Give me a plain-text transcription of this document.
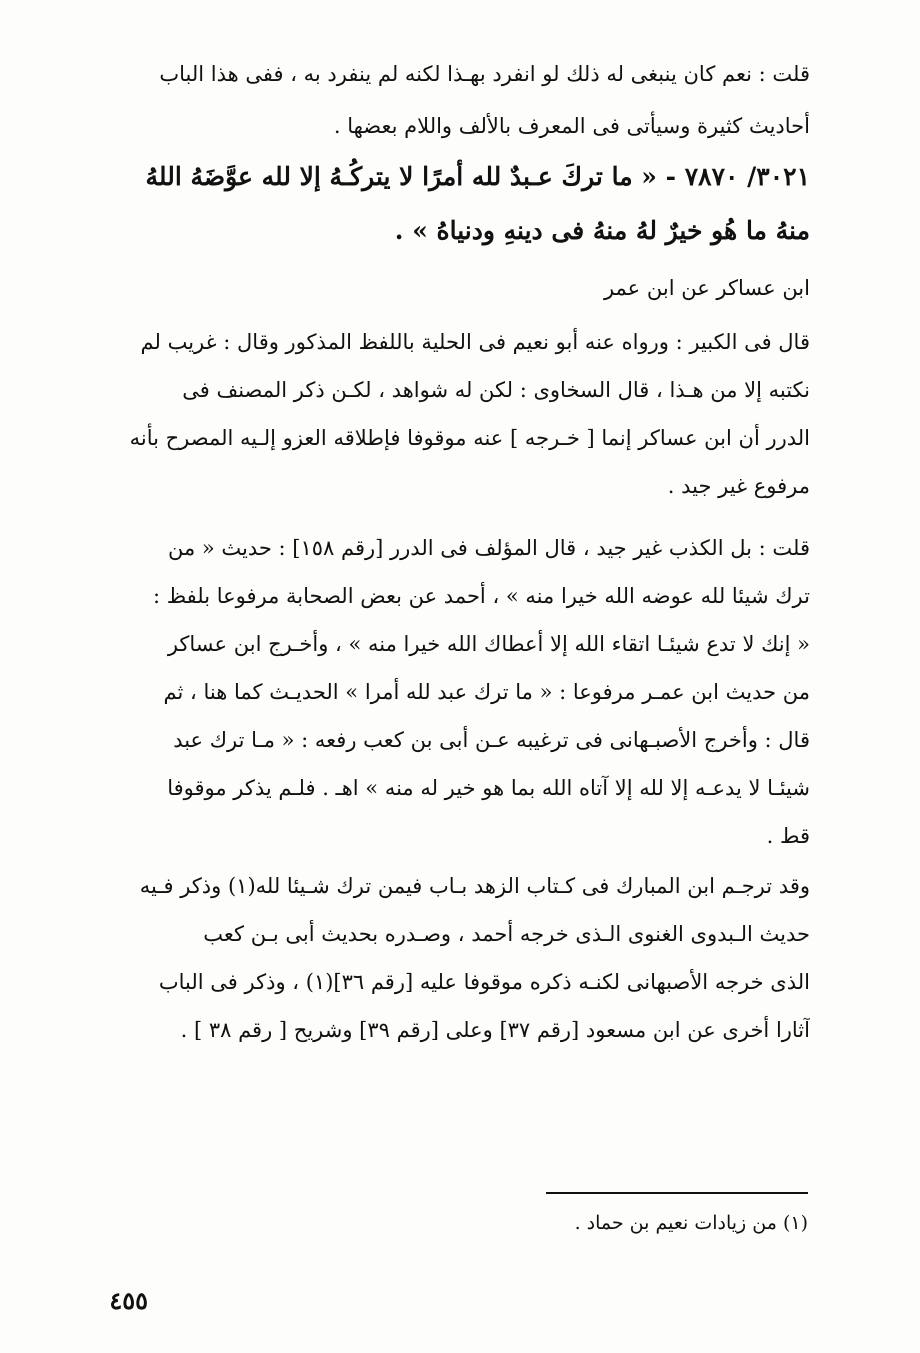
قلت : نعم كان ينبغى له ذلك لو انفرد بهـذا لكنه لم ينفرد به ، ففى هذا الباب
أحاديث كثيرة وسيأتى فى المعرف بالألف واللام بعضها .
٣٠٢١/ ٧٨٧٠ - « ما تركَ عـبدٌ لله أمرًا لا يتركُـهُ إلا لله عوَّضَهُ اللهُ
منهُ ما هُو خيرٌ لهُ منهُ فى دينهِ ودنياهُ » .
ابن عساكر عن ابن عمر
قال فى الكبير : ورواه عنه أبو نعيم فى الحلية باللفظ المذكور وقال : غريب لم
نكتبه إلا من هـذا ، قال السخاوى : لكن له شواهد ، لكـن ذكر المصنف فى
الدرر أن ابن عساكر إنما [ خـرجه ] عنه موقوفا فإطلاقه العزو إلـيه المصرح بأنه
مرفوع غير جيد .
قلت : بل الكذب غير جيد ، قال المؤلف فى الدرر [رقم ١٥٨] : حديث « من
ترك شيئا لله عوضه الله خيرا منه » ، أحمد عن بعض الصحابة مرفوعا بلفظ :
« إنك لا تدع شيئـا اتقاء الله إلا أعطاك الله خيرا منه » ، وأخـرج ابن عساكر
من حديث ابن عمـر مرفوعا : « ما ترك عبد لله أمرا » الحديـث كما هنا ، ثم
قال : وأخرج الأصبـهانى فى ترغيبه عـن أبى بن كعب رفعه : « مـا ترك عبد
شيئـا لا يدعـه إلا لله إلا آتاه الله بما هو خير له منه » اهـ . فلـم يذكر موقوفا
قط .
وقد ترجـم ابن المبارك فى كـتاب الزهد بـاب فيمن ترك شـيئا لله(١) وذكر فـيه
حديث الـبدوى الغنوى الـذى خرجه أحمد ، وصـدره بحديث أبى بـن كعب
الذى خرجه الأصبهانى لكنـه ذكره موقوفا عليه [رقم ٣٦](١) ، وذكر فى الباب
آثارا أخرى عن ابن مسعود [رقم ٣٧] وعلى [رقم ٣٩] وشريح [ رقم ٣٨ ] .
(١) من زيادات نعيم بن حماد .
٤٥٥
